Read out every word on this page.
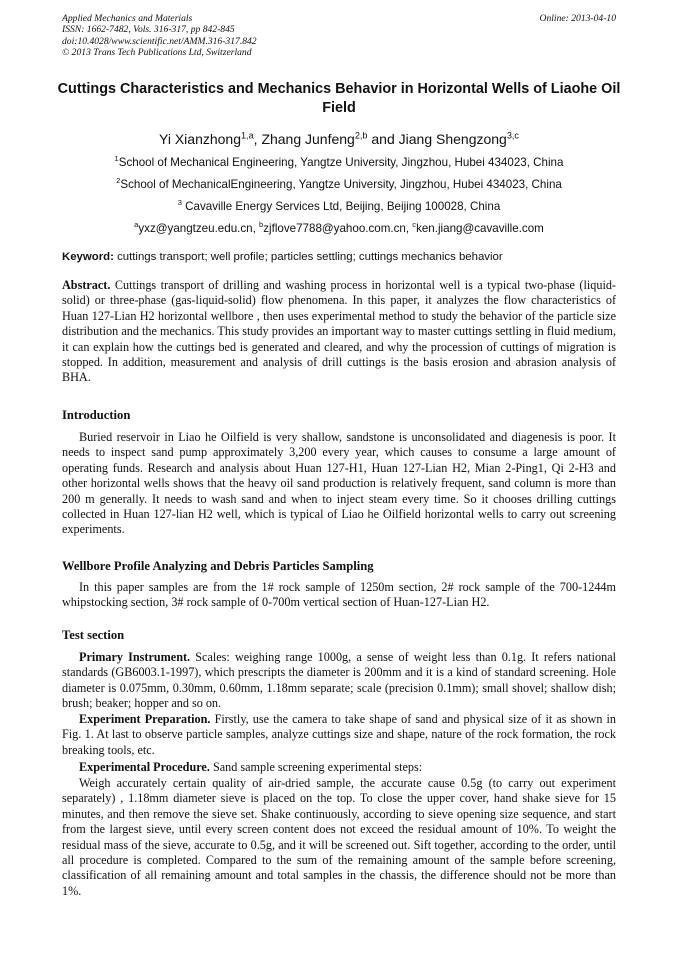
Applied Mechanics and Materials
ISSN: 1662-7482, Vols. 316-317, pp 842-845
doi:10.4028/www.scientific.net/AMM.316-317.842
© 2013 Trans Tech Publications Ltd, Switzerland
Online: 2013-04-10
Cuttings Characteristics and Mechanics Behavior in Horizontal Wells of Liaohe Oil Field
Yi Xianzhong$^{1,a}$, Zhang Junfeng$^{2,b}$ and Jiang Shengzong$^{3,c}$
$^1$School of Mechanical Engineering, Yangtze University, Jingzhou, Hubei 434023, China
$^2$School of MechanicalEngineering, Yangtze University, Jingzhou, Hubei 434023, China
$^3$ Cavaville Energy Services Ltd, Beijing, Beijing 100028, China
$^a$yxz@yangtzeu.edu.cn, $^b$zjflove7788@yahoo.com.cn, $^c$ken.jiang@cavaville.com
Keyword: cuttings transport; well profile; particles settling; cuttings mechanics behavior
Abstract. Cuttings transport of drilling and washing process in horizontal well is a typical two-phase (liquid-solid) or three-phase (gas-liquid-solid) flow phenomena. In this paper, it analyzes the flow characteristics of Huan 127-Lian H2 horizontal wellbore , then uses experimental method to study the behavior of the particle size distribution and the mechanics. This study provides an important way to master cuttings settling in fluid medium, it can explain how the cuttings bed is generated and cleared, and why the procession of cuttings of migration is stopped. In addition, measurement and analysis of drill cuttings is the basis erosion and abrasion analysis of BHA.
Introduction
Buried reservoir in Liao he Oilfield is very shallow, sandstone is unconsolidated and diagenesis is poor. It needs to inspect sand pump approximately 3,200 every year, which causes to consume a large amount of operating funds. Research and analysis about Huan 127-H1, Huan 127-Lian H2, Mian 2-Ping1, Qi 2-H3 and other horizontal wells shows that the heavy oil sand production is relatively frequent, sand column is more than 200 m generally. It needs to wash sand and when to inject steam every time. So it chooses drilling cuttings collected in Huan 127-lian H2 well, which is typical of Liao he Oilfield horizontal wells to carry out screening experiments.
Wellbore Profile Analyzing and Debris Particles Sampling
In this paper samples are from the 1# rock sample of 1250m section, 2# rock sample of the 700-1244m whipstocking section, 3# rock sample of 0-700m vertical section of Huan-127-Lian H2.
Test section
Primary Instrument. Scales: weighing range 1000g, a sense of weight less than 0.1g. It refers national standards (GB6003.1-1997), which prescripts the diameter is 200mm and it is a kind of standard screening. Hole diameter is 0.075mm, 0.30mm, 0.60mm, 1.18mm separate; scale (precision 0.1mm); small shovel; shallow dish; brush; beaker; hopper and so on.
Experiment Preparation. Firstly, use the camera to take shape of sand and physical size of it as shown in Fig. 1. At last to observe particle samples, analyze cuttings size and shape, nature of the rock formation, the rock breaking tools, etc.
Experimental Procedure. Sand sample screening experimental steps:
Weigh accurately certain quality of air-dried sample, the accurate cause 0.5g (to carry out experiment separately) , 1.18mm diameter sieve is placed on the top. To close the upper cover, hand shake sieve for 15 minutes, and then remove the sieve set. Shake continuously, according to sieve opening size sequence, and start from the largest sieve, until every screen content does not exceed the residual amount of 10%. To weight the residual mass of the sieve, accurate to 0.5g, and it will be screened out. Sift together, according to the order, until all procedure is completed. Compared to the sum of the remaining amount of the sample before screening, classification of all remaining amount and total samples in the chassis, the difference should not be more than 1%.
